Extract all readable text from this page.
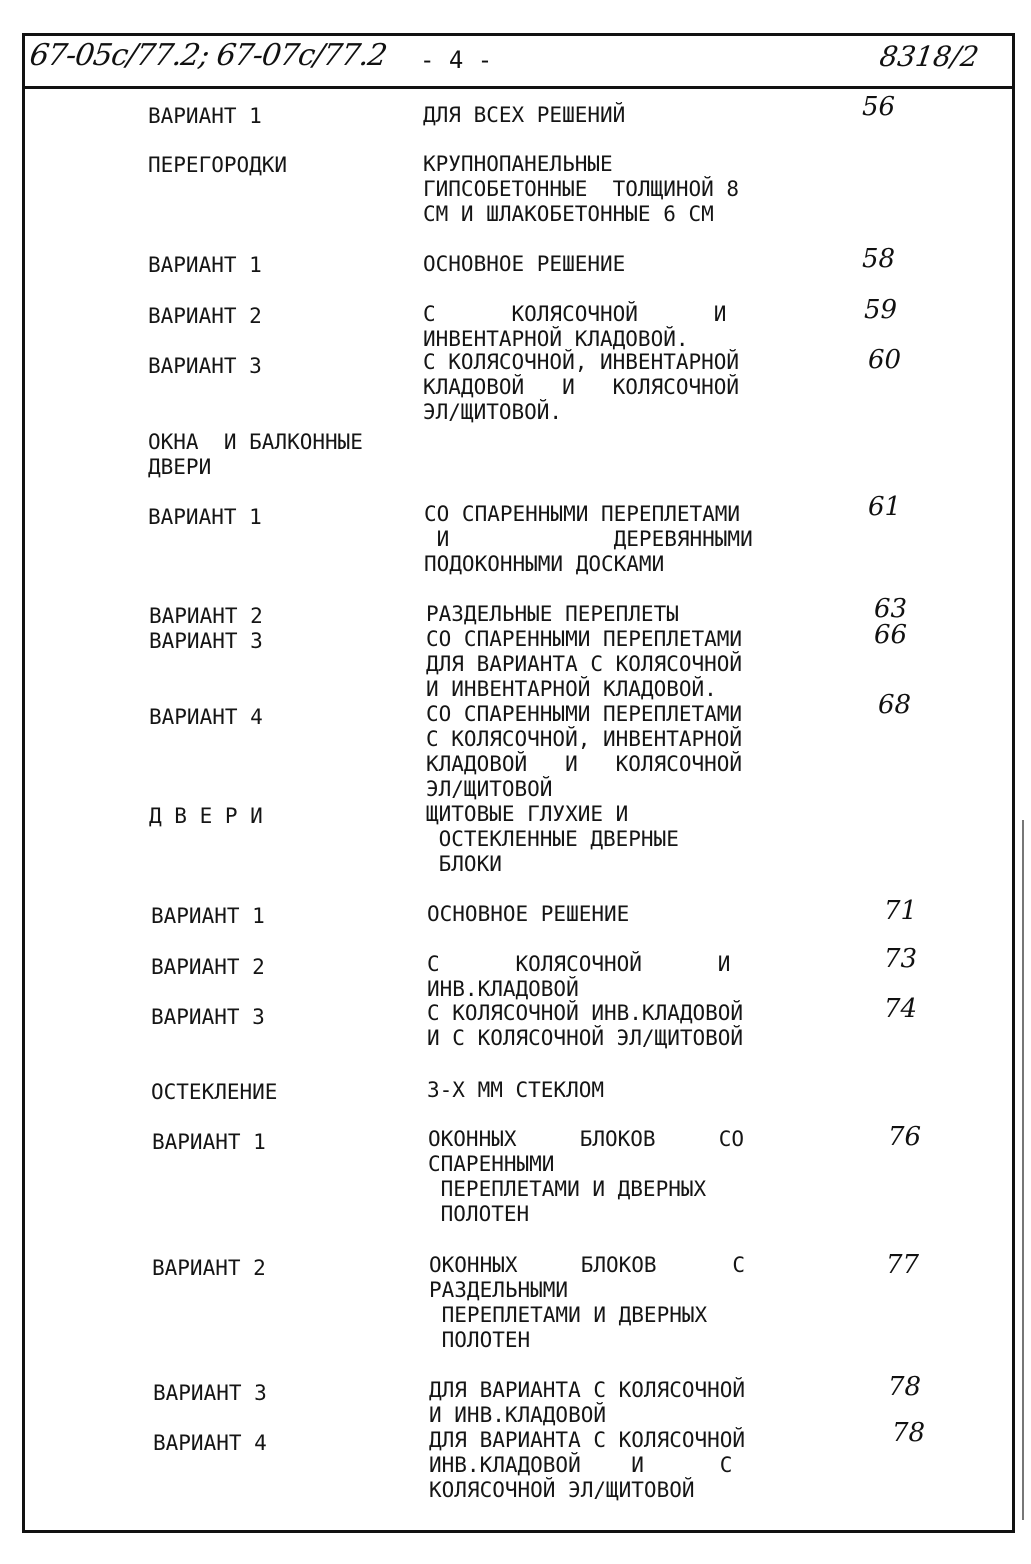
67-05с/77.2; 67-07с/77.2 - 4 -	8318/2
ВАРИАНТ 1	ДЛЯ ВСЕХ РЕШЕНИЙ	56
ПЕРЕГОРОДКИ	КРУПНОПАНЕЛЬНЫЕ
ГИПСОБЕТОННЫЕ  ТОЛЩИНОЙ 8
СМ И ШЛАКОБЕТОННЫЕ 6 СМ
ВАРИАНТ 1	ОСНОВНОЕ РЕШЕНИЕ	58
ВАРИАНТ 2	С      КОЛЯСОЧНОЙ      И
ИНВЕНТАРНОЙ КЛАДОВОЙ.
59
ВАРИАНТ 3	С КОЛЯСОЧНОЙ, ИНВЕНТАРНОЙ
КЛАДОВОЙ   И   КОЛЯСОЧНОЙ
ЭЛ/ЩИТОВОЙ.
60
ОКНА  И БАЛКОННЫЕ
ДВЕРИ
ВАРИАНТ 1	СО СПАРЕННЫМИ ПЕРЕПЛЕТАМИ
И             ДЕРЕВЯННЫМИ
ПОДОКОННЫМИ ДОСКАМИ
61
ВАРИАНТ 2	РАЗДЕЛЬНЫЕ ПЕРЕПЛЕТЫ	63
ВАРИАНТ 3	СО СПАРЕННЫМИ ПЕРЕПЛЕТАМИ
ДЛЯ ВАРИАНТА С КОЛЯСОЧНОЙ
И ИНВЕНТАРНОЙ КЛАДОВОЙ.
66
ВАРИАНТ 4	СО СПАРЕННЫМИ ПЕРЕПЛЕТАМИ
С КОЛЯСОЧНОЙ, ИНВЕНТАРНОЙ
КЛАДОВОЙ   И   КОЛЯСОЧНОЙ
ЭЛ/ЩИТОВОЙ
68
Д В Е Р И	ЩИТОВЫЕ ГЛУХИЕ И
ОСТЕКЛЕННЫЕ ДВЕРНЫЕ
БЛОКИ
ВАРИАНТ 1	ОСНОВНОЕ РЕШЕНИЕ	71
ВАРИАНТ 2	С      КОЛЯСОЧНОЙ      И
ИНВ.КЛАДОВОЙ
73
ВАРИАНТ 3	С КОЛЯСОЧНОЙ ИНВ.КЛАДОВОЙ
И С КОЛЯСОЧНОЙ ЭЛ/ЩИТОВОЙ
74
ОСТЕКЛЕНИЕ	3-Х ММ СТЕКЛОМ
ВАРИАНТ 1	ОКОННЫХ     БЛОКОВ     СО
СПАРЕННЫМИ
ПЕРЕПЛЕТАМИ И ДВЕРНЫХ
ПОЛОТЕН
76
ВАРИАНТ 2	ОКОННЫХ     БЛОКОВ      С
РАЗДЕЛЬНЫМИ
ПЕРЕПЛЕТАМИ И ДВЕРНЫХ
ПОЛОТЕН
77
ВАРИАНТ 3	ДЛЯ ВАРИАНТА С КОЛЯСОЧНОЙ
И ИНВ.КЛАДОВОЙ
78
ВАРИАНТ 4	ДЛЯ ВАРИАНТА С КОЛЯСОЧНОЙ
ИНВ.КЛАДОВОЙ    И      С
КОЛЯСОЧНОЙ ЭЛ/ЩИТОВОЙ
78
